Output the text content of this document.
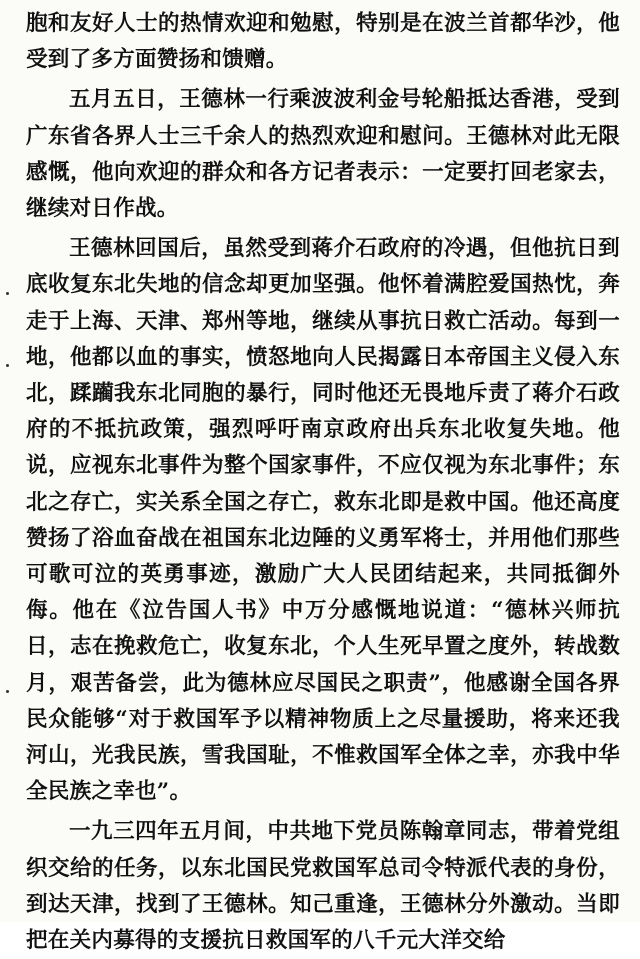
胞和友好人士的热情欢迎和勉慰，特别是在波兰首都华沙，他受到了多方面赞扬和馈赠。

五月五日，王德林一行乘波波利金号轮船抵达香港，受到广东省各界人士三千余人的热烈欢迎和慰问。王德林对此无限感慨，他向欢迎的群众和各方记者表示：一定要打回老家去，继续对日作战。

王德林回国后，虽然受到蒋介石政府的冷遇，但他抗日到底收复东北失地的信念却更加坚强。他怀着满腔爱国热忱，奔走于上海、天津、郑州等地，继续从事抗日救亡活动。每到一地，他都以血的事实，愤怒地向人民揭露日本帝国主义侵入东北，蹂躏我东北同胞的暴行，同时他还无畏地斥责了蒋介石政府的不抵抗政策，强烈呼吁南京政府出兵东北收复失地。他说，应视东北事件为整个国家事件，不应仅视为东北事件；东北之存亡，实关系全国之存亡，救东北即是救中国。他还高度赞扬了浴血奋战在祖国东北边陲的义勇军将士，并用他们那些可歌可泣的英勇事迹，激励广大人民团结起来，共同抵御外侮。他在《泣告国人书》中万分感慨地说道：“德林兴师抗日，志在挽救危亡，收复东北，个人生死早置之度外，转战数月，艰苦备尝，此为德林应尽国民之职责”，他感谢全国各界民众能够“对于救国军予以精神物质上之尽量援助，将来还我河山，光我民族，雪我国耻，不惟救国军全体之幸，亦我中华全民族之幸也”。

一九三四年五月间，中共地下党员陈翰章同志，带着党组织交给的任务，以东北国民党救国军总司令特派代表的身份，到达天津，找到了王德林。知己重逢，王德林分外激动。当即把在关内募得的支援抗日救国军的八千元大洋交给
